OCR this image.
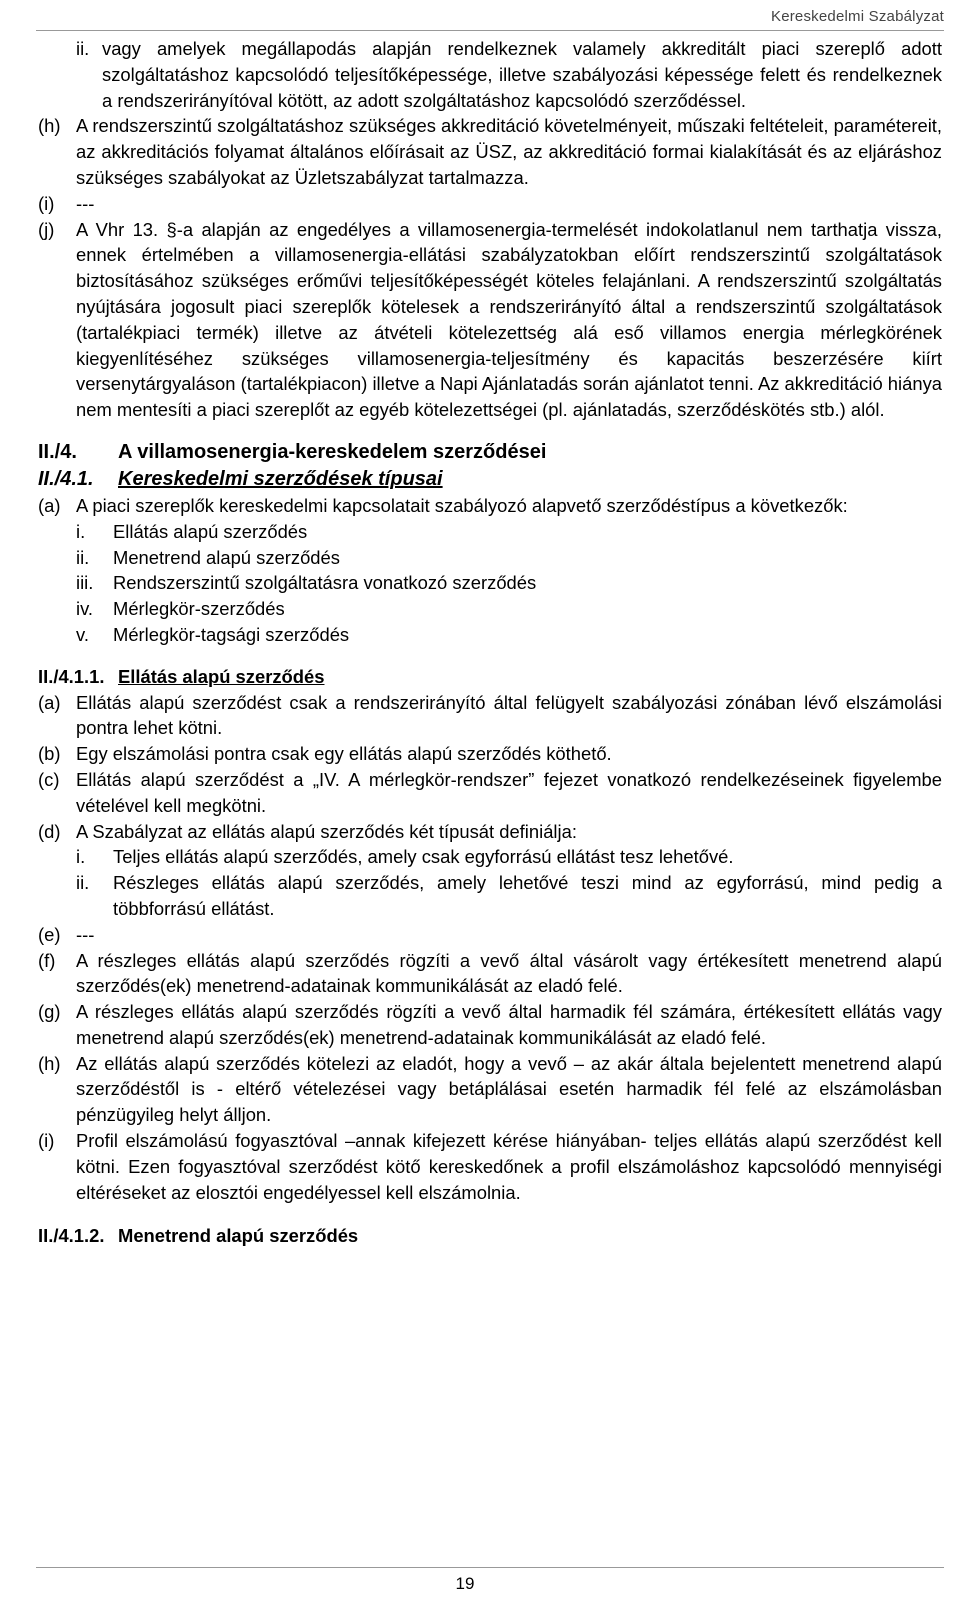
Kereskedelmi Szabályzat
ii. vagy amelyek megállapodás alapján rendelkeznek valamely akkreditált piaci szereplő adott szolgáltatáshoz kapcsolódó teljesítőképessége, illetve szabályozási képessége felett és rendelkeznek a rendszerirányítóval kötött, az adott szolgáltatáshoz kapcsolódó szerződéssel.
(h) A rendszerszintű szolgáltatáshoz szükséges akkreditáció követelményeit, műszaki feltételeit, paramétereit, az akkreditációs folyamat általános előírásait az ÜSZ, az akkreditáció formai kialakítását és az eljáráshoz szükséges szabályokat az Üzletszabályzat tartalmazza.
(i)	---
(j)	A Vhr 13. §-a alapján az engedélyes a villamosenergia-termelését indokolatlanul nem tarthatja vissza, ennek értelmében a villamosenergia-ellátási szabályzatokban előírt rendszerszintű szolgáltatások biztosításához szükséges erőművi teljesítőképességét köteles felajánlani. A rendszerszintű szolgáltatás nyújtására jogosult piaci szereplők kötelesek a rendszerirányító által a rendszerszintű szolgáltatások (tartalékpiaci termék) illetve az átvételi kötelezettség alá eső villamos energia mérlegkörének kiegyenlítéséhez szükséges villamosenergia-teljesítmény és kapacitás beszerzésére kiírt versenytárgyaláson (tartalékpiacon) illetve a Napi Ajánlatadás során ajánlatot tenni. Az akkreditáció hiánya nem mentesíti a piaci szereplőt az egyéb kötelezettségei (pl. ajánlatadás, szerződéskötés stb.) alól.
II./4.	A villamosenergia-kereskedelem szerződései
II./4.1.	Kereskedelmi szerződések típusai
(a) A piaci szereplők kereskedelmi kapcsolatait szabályozó alapvető szerződéstípus a következők:
i.	Ellátás alapú szerződés
ii.	Menetrend alapú szerződés
iii.	Rendszerszintű szolgáltatásra vonatkozó szerződés
iv.	Mérlegkör-szerződés
v.	Mérlegkör-tagsági szerződés
II./4.1.1. Ellátás alapú szerződés
(a) Ellátás alapú szerződést csak a rendszerirányító által felügyelt szabályozási zónában lévő elszámolási pontra lehet kötni.
(b) Egy elszámolási pontra csak egy ellátás alapú szerződés köthető.
(c) Ellátás alapú szerződést a „IV. A mérlegkör-rendszer” fejezet vonatkozó rendelkezéseinek figyelembe vételével kell megkötni.
(d) A Szabályzat az ellátás alapú szerződés két típusát definiálja:
i.	Teljes ellátás alapú szerződés, amely csak egyforrású ellátást tesz lehetővé.
ii.	Részleges ellátás alapú szerződés, amely lehetővé teszi mind az egyforrású, mind pedig a többforrású ellátást.
(e) ---
(f)	A részleges ellátás alapú szerződés rögzíti a vevő által vásárolt vagy értékesített menetrend alapú szerződés(ek) menetrend-adatainak kommunikálását az eladó felé.
(g) A részleges ellátás alapú szerződés rögzíti a vevő által harmadik fél számára, értékesített ellátás vagy menetrend alapú szerződés(ek) menetrend-adatainak kommunikálását az eladó felé.
(h) Az ellátás alapú szerződés kötelezi az eladót, hogy a vevő – az akár általa bejelentett menetrend alapú szerződéstől is - eltérő vételezései vagy betáplálásai esetén harmadik fél felé az elszámolásban pénzügyileg helyt álljon.
(i)	Profil elszámolású fogyasztóval –annak kifejezett kérése hiányában- teljes ellátás alapú szerződést kell kötni. Ezen fogyasztóval szerződést kötő kereskedőnek a profil elszámoláshoz kapcsolódó mennyiségi eltéréseket az elosztói engedélyessel kell elszámolnia.
II./4.1.2. Menetrend alapú szerződés
19
